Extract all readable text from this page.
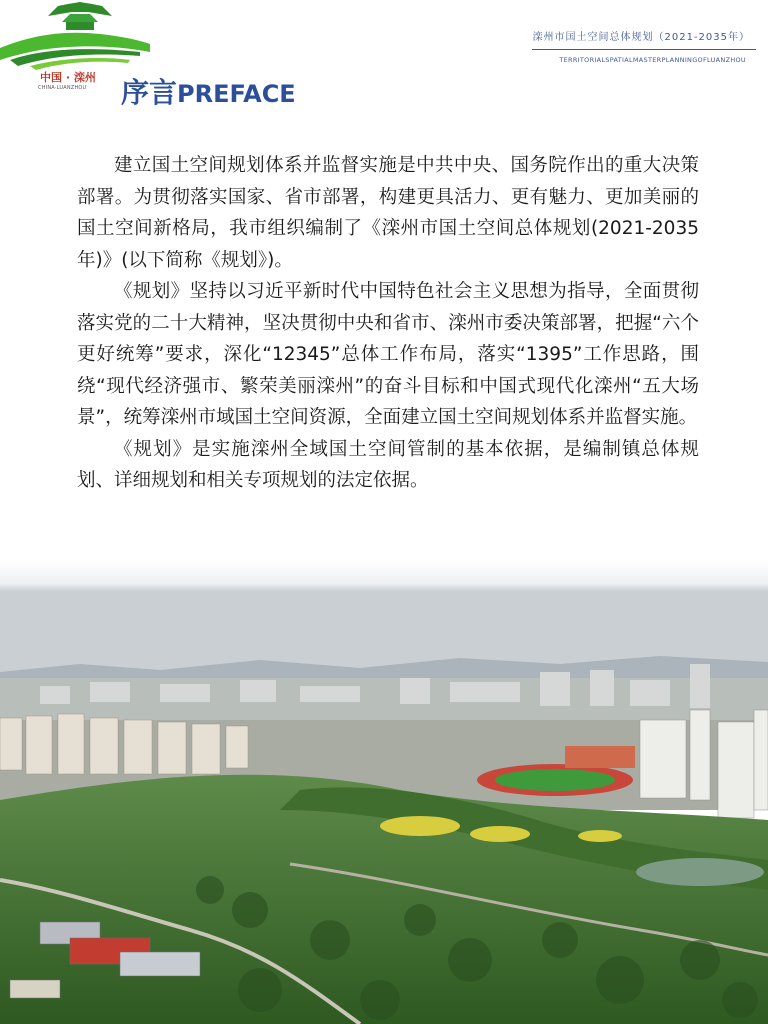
中国 · 滦州
CHINA·LUANZHOU
滦州市国土空间总体规划（2021-2035年）
TERRITORIALSPATIALMASTERPLANNINGOFLUANZHOU
序言PREFACE

建立国土空间规划体系并监督实施是中共中央、国务院作出的重大决策部署。为贯彻落实国家、省市部署，构建更具活力、更有魅力、更加美丽的国土空间新格局，我市组织编制了《滦州市国土空间总体规划(2021-2035年)》(以下简称《规划》)。

《规划》坚持以习近平新时代中国特色社会主义思想为指导，全面贯彻落实党的二十大精神，坚决贯彻中央和省市、滦州市委决策部署，把握“六个更好统筹”要求，深化“12345”总体工作布局，落实“1395”工作思路，围绕“现代经济强市、繁荣美丽滦州”的奋斗目标和中国式现代化滦州“五大场景”，统筹滦州市域国土空间资源，全面建立国土空间规划体系并监督实施。

《规划》是实施滦州全域国土空间管制的基本依据，是编制镇总体规划、详细规划和相关专项规划的法定依据。
